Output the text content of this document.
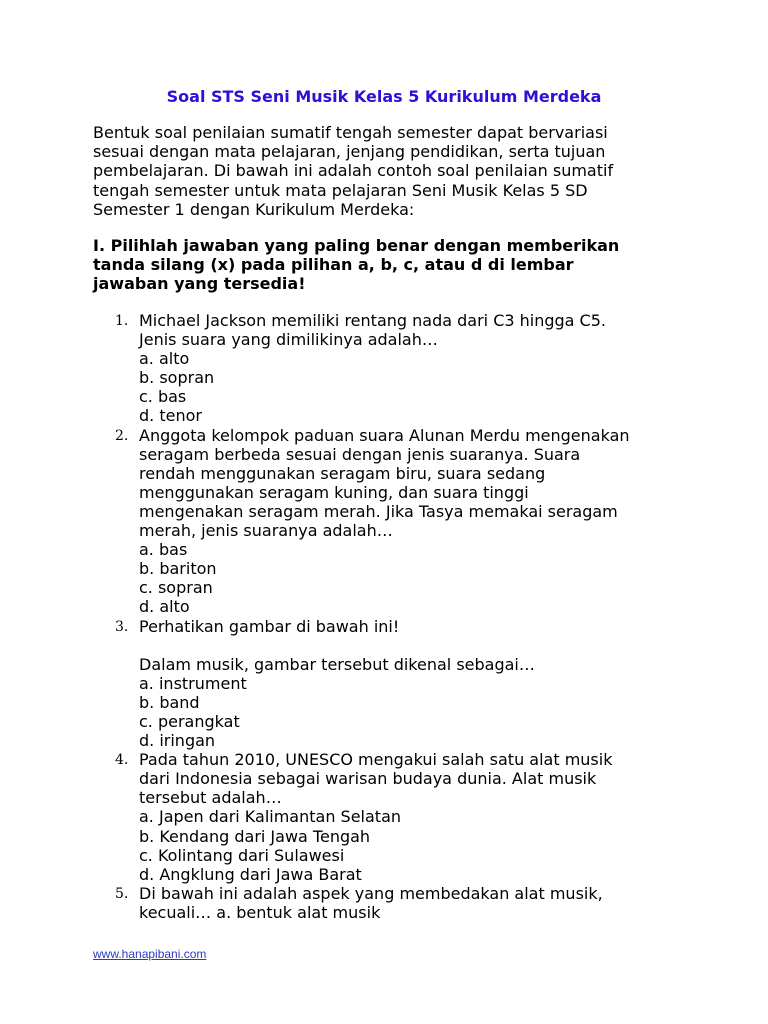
Soal STS Seni Musik Kelas 5 Kurikulum Merdeka

Bentuk soal penilaian sumatif tengah semester dapat bervariasi
sesuai dengan mata pelajaran, jenjang pendidikan, serta tujuan
pembelajaran. Di bawah ini adalah contoh soal penilaian sumatif
tengah semester untuk mata pelajaran Seni Musik Kelas 5 SD
Semester 1 dengan Kurikulum Merdeka:

I. Pilihlah jawaban yang paling benar dengan memberikan
tanda silang (x) pada pilihan a, b, c, atau d di lembar
jawaban yang tersedia!

1. Michael Jackson memiliki rentang nada dari C3 hingga C5.
Jenis suara yang dimilikinya adalah…
a. alto
b. sopran
c. bas
d. tenor
2. Anggota kelompok paduan suara Alunan Merdu mengenakan
seragam berbeda sesuai dengan jenis suaranya. Suara
rendah menggunakan seragam biru, suara sedang
menggunakan seragam kuning, dan suara tinggi
mengenakan seragam merah. Jika Tasya memakai seragam
merah, jenis suaranya adalah…
a. bas
b. bariton
c. sopran
d. alto
3. Perhatikan gambar di bawah ini!
Dalam musik, gambar tersebut dikenal sebagai…
a. instrument
b. band
c. perangkat
d. iringan
4. Pada tahun 2010, UNESCO mengakui salah satu alat musik
dari Indonesia sebagai warisan budaya dunia. Alat musik
tersebut adalah…
a. Japen dari Kalimantan Selatan
b. Kendang dari Jawa Tengah
c. Kolintang dari Sulawesi
d. Angklung dari Jawa Barat
5. Di bawah ini adalah aspek yang membedakan alat musik,
kecuali… a. bentuk alat musik
www.hanapibani.com
